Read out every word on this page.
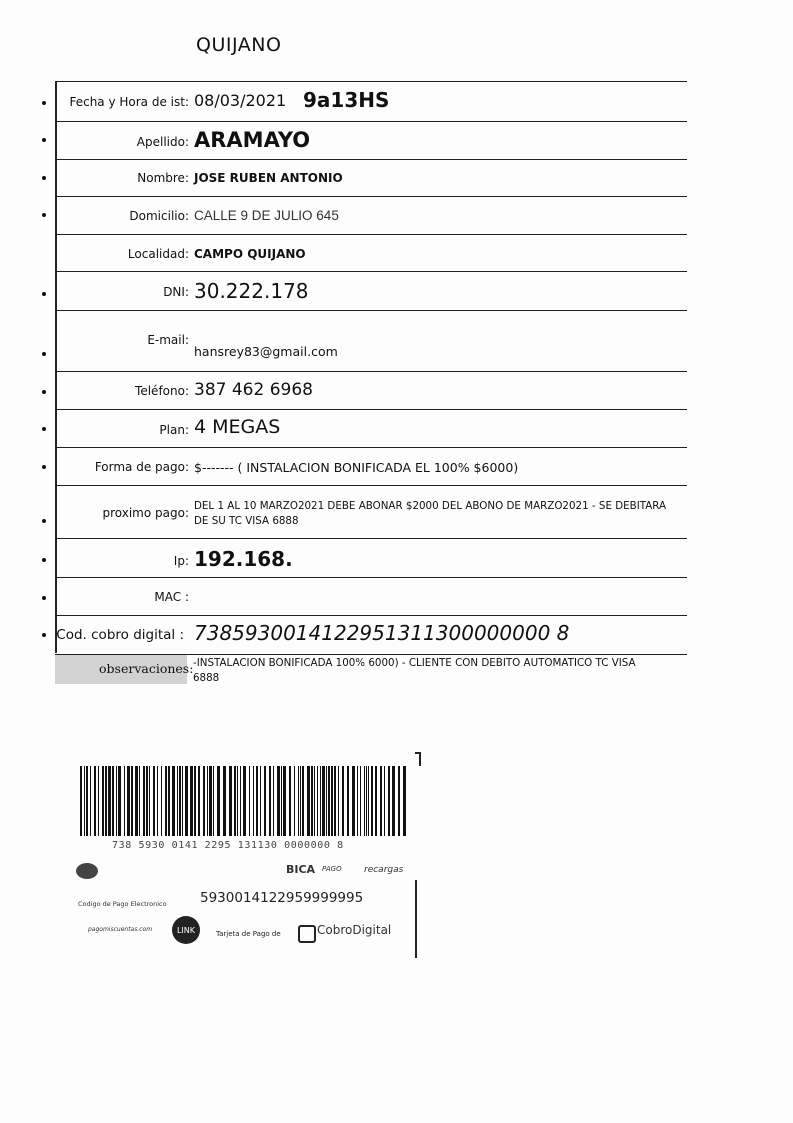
QUIJANO
Fecha y Hora de ist: 08/03/2021 9a13HS
Apellido: ARAMAYO
Nombre: JOSE RUBEN ANTONIO
Domicilio: CALLE 9 DE JULIO 645
Localidad: CAMPO QUIJANO
DNI: 30.222.178
E-mail:
hansrey83@gmail.com
Teléfono: 387 462 6968
Plan: 4 MEGAS
Forma de pago: $------- ( INSTALACION BONIFICADA EL 100% $6000)
proximo pago: DEL 1 AL 10 MARZO2021 DEBE ABONAR $2000 DEL ABONO DE MARZO2021 - SE DEBITARA
DE SU TC VISA 6888
Ip: 192.168.
MAC :
Cod. cobro digital : 7385930014122951311300000000 8
observaciones: -INSTALACION BONIFICADA 100% 6000) - CLIENTE CON DEBITO AUTOMATICO TC VISA
6888
738 5930 0141 2295 131130 0000000 8
BICA PAGO recargas
Codigo de Pago Electronico 5930014122959999995
pagomiscuentas.com	LINK	Tarjeta de Pago de	CobroDigital
